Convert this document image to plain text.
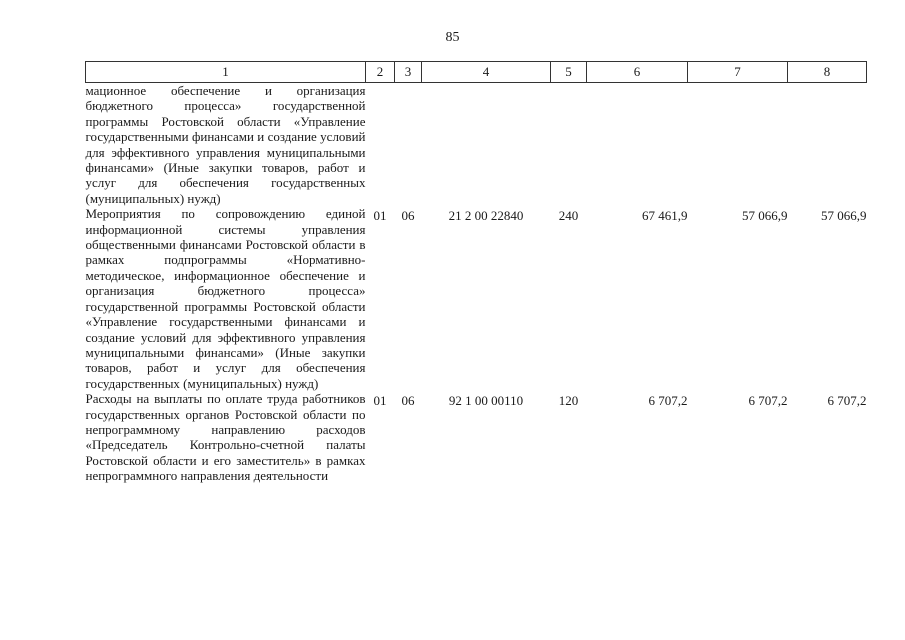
85
1	2	3	4	5	6	7	8
мационное обеспечение и организация бюджетного процесса» государственной программы Ростовской области «Управление государственными финансами и создание условий для эффективного управления муниципальными финансами» (Иные закупки товаров, работ и услуг для обеспечения государственных (муниципальных) нужд)							
Мероприятия по сопровождению единой информационной системы управления общественными финансами Ростовской области в рамках подпрограммы «Нормативно-методическое, информационное обеспечение и организация бюджетного процесса» государственной программы Ростовской области «Управление государственными финансами и создание условий для эффективного управления муниципальными финансами» (Иные закупки товаров, работ и услуг для обеспечения государственных (муниципальных) нужд)	01	06	21 2 00 22840	240	67 461,9	57 066,9	57 066,9
Расходы на выплаты по оплате труда работников государственных органов Ростовской области по непрограммному направлению расходов «Председатель Контрольно-счетной палаты Ростовской области и его заместитель» в рамках непрограммного направления деятельности	01	06	92 1 00 00110	120	6 707,2	6 707,2	6 707,2
